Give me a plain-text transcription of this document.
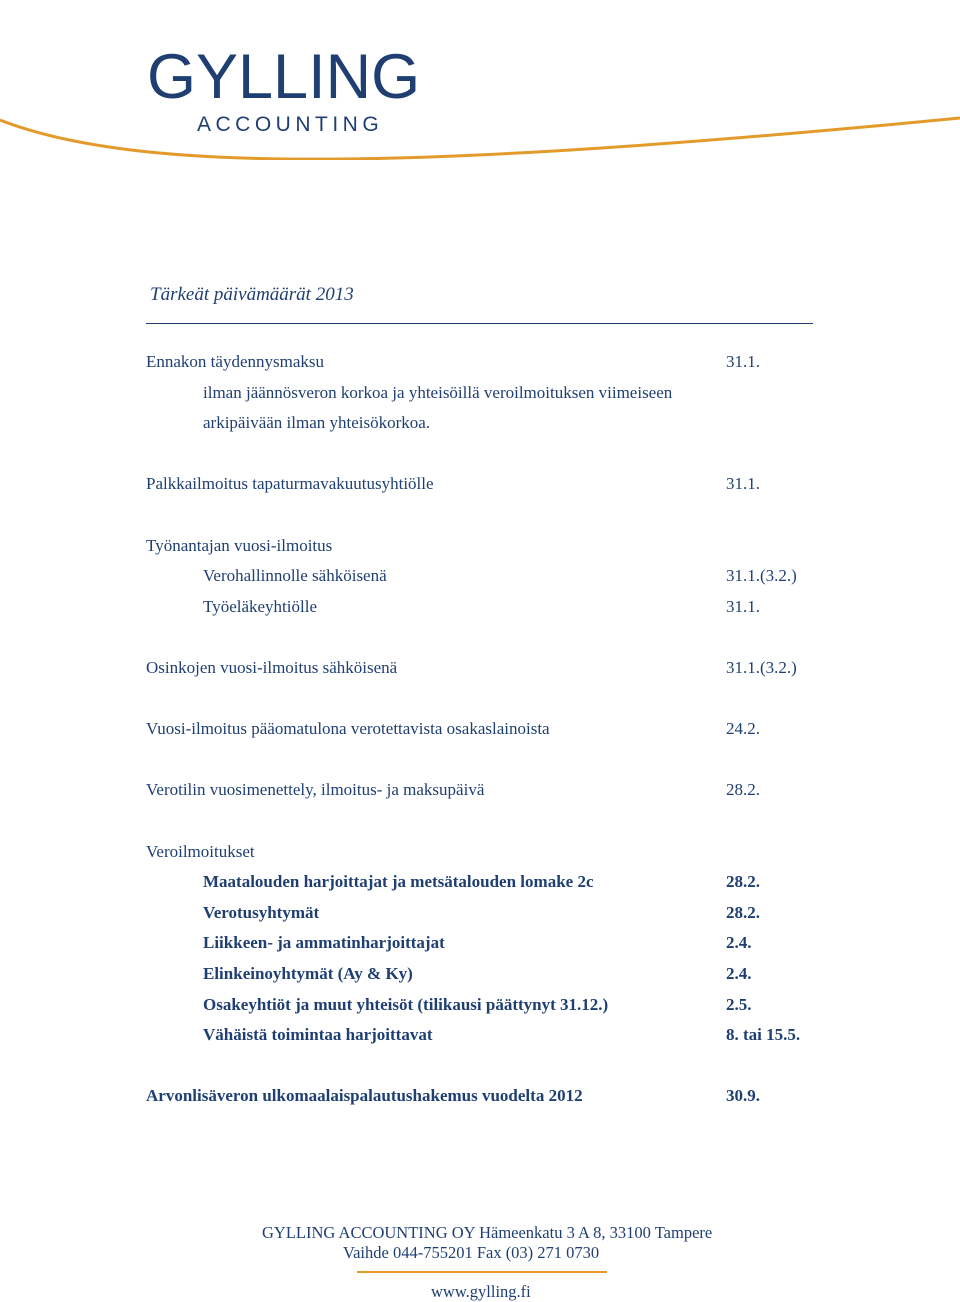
GYLLING
ACCOUNTING
Tärkeät päivämäärät 2013
Ennakon täydennysmaksu	31.1.
ilman jäännösveron korkoa ja yhteisöillä veroilmoituksen viimeiseen
arkipäivään ilman yhteisökorkoa.
Palkkailmoitus tapaturmavakuutusyhtiölle	31.1.
Työnantajan vuosi-ilmoitus
Verohallinnolle sähköisenä	31.1.(3.2.)
Työeläkeyhtiölle	31.1.
Osinkojen vuosi-ilmoitus sähköisenä	31.1.(3.2.)
Vuosi-ilmoitus pääomatulona verotettavista osakaslainoista	24.2.
Verotilin vuosimenettely, ilmoitus- ja maksupäivä	28.2.
Veroilmoitukset
Maatalouden harjoittajat ja metsätalouden lomake 2c	28.2.
Verotusyhtymät	28.2.
Liikkeen- ja ammatinharjoittajat	2.4.
Elinkeinoyhtymät (Ay & Ky)	2.4.
Osakeyhtiöt ja muut yhteisöt (tilikausi päättynyt 31.12.)	2.5.
Vähäistä toimintaa harjoittavat	8. tai 15.5.
Arvonlisäveron ulkomaalaispalautushakemus vuodelta 2012	30.9.
GYLLING ACCOUNTING OY Hämeenkatu 3 A 8, 33100 Tampere
Vaihde 044-755201 Fax (03) 271 0730
www.gylling.fi
